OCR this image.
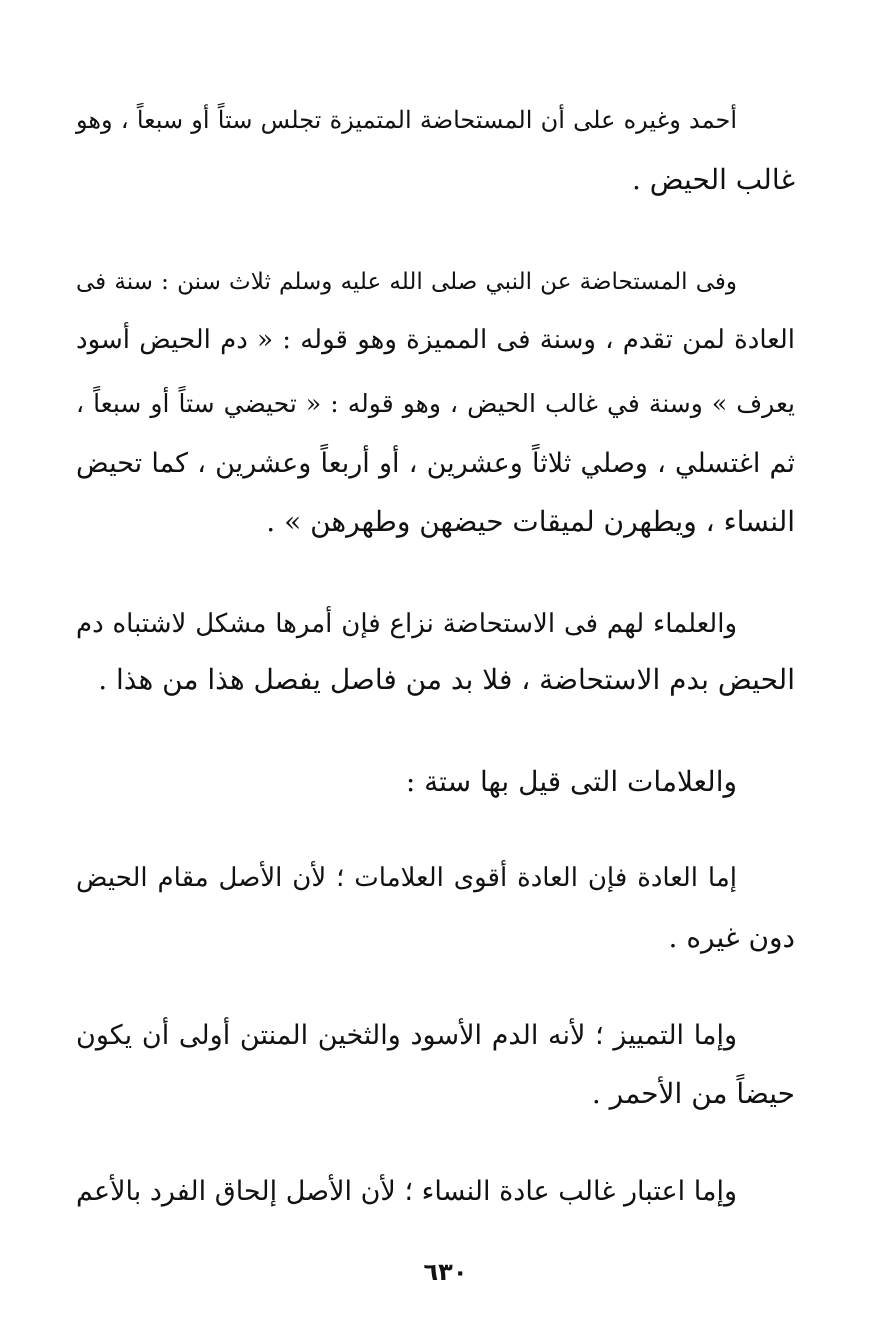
أحمد وغيره على أن المستحاضة المتميزة تجلس ستاً أو سبعاً ، وهو
غالب الحيض .
وفى المستحاضة عن النبي صلى الله عليه وسلم ثلاث سنن : سنة فى
العادة لمن تقدم ، وسنة فى المميزة وهو قوله : « دم الحيض أسود
يعرف » وسنة في غالب الحيض ، وهو قوله : « تحيضي ستاً أو سبعاً ،
ثم اغتسلي ، وصلي ثلاثاً وعشرين ، أو أربعاً وعشرين ، كما تحيض
النساء ، ويطهرن لميقات حيضهن وطهرهن » .
والعلماء لهم فى الاستحاضة نزاع فإن أمرها مشكل لاشتباه دم
الحيض بدم الاستحاضة ، فلا بد من فاصل يفصل هذا من هذا .
والعلامات التى قيل بها ستة :
إما العادة فإن العادة أقوى العلامات ؛ لأن الأصل مقام الحيض
دون غيره .
وإما التمييز ؛ لأنه الدم الأسود والثخين المنتن أولى أن يكون
حيضاً من الأحمر .
وإما اعتبار غالب عادة النساء ؛ لأن الأصل إلحاق الفرد بالأعم
٦٣٠
